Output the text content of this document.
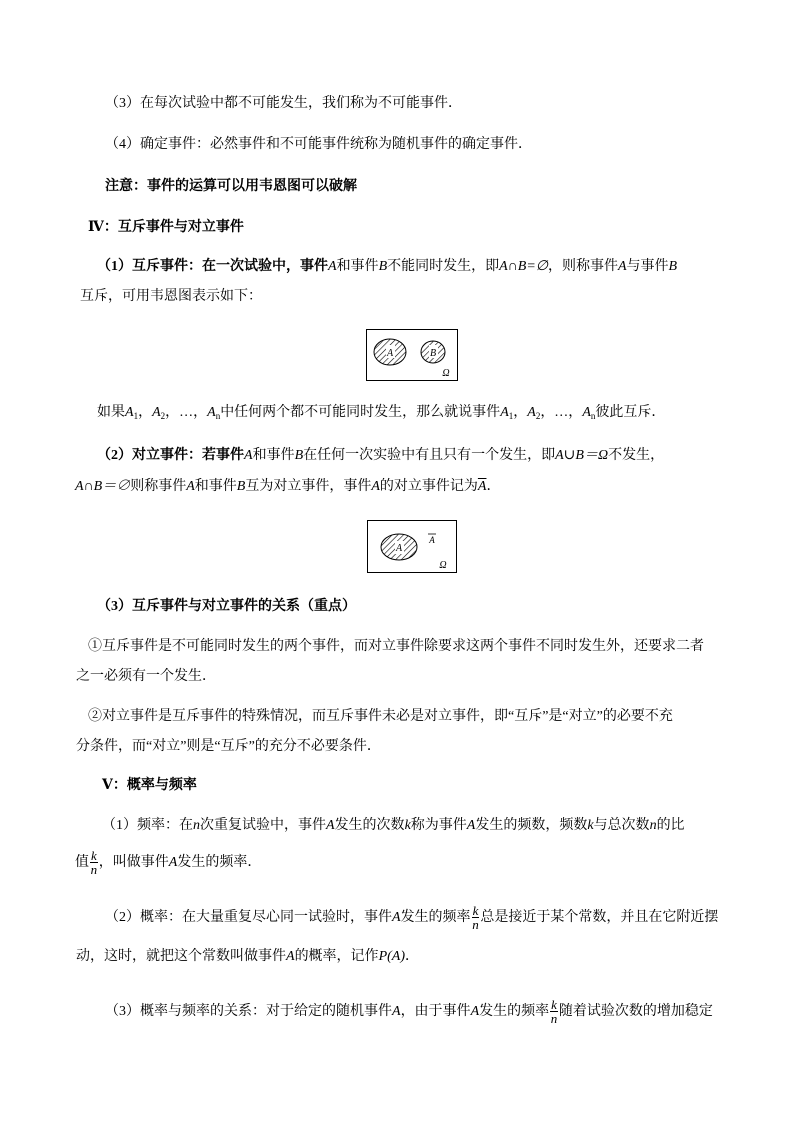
（3）在每次试验中都不可能发生，我们称为不可能事件．
（4）确定事件：必然事件和不可能事件统称为随机事件的确定事件．
注意：事件的运算可以用韦恩图可以破解
Ⅳ：互斥事件与对立事件
（1）互斥事件：在一次试验中，事件A和事件B不能同时发生，即A∩B=∅，则称事件A与事件B
互斥，可用韦恩图表示如下：
A	B
Ω
如果$A_1$，$A_2$，…，$A_n$中任何两个都不可能同时发生，那么就说事件$A_1$，$A_2$，…，$A_n$彼此互斥．
（2）对立事件：若事件A和事件B在任何一次实验中有且只有一个发生，即A∪B＝Ω不发生，
A∩B＝∅则称事件A和事件B互为对立事件，事件A的对立事件记为$\overline{A}$．
A
A
Ω
（3）互斥事件与对立事件的关系（重点）
①互斥事件是不可能同时发生的两个事件，而对立事件除要求这两个事件不同时发生外，还要求二者
之一必须有一个发生．
②对立事件是互斥事件的特殊情况，而互斥事件未必是对立事件，即“互斥”是“对立”的必要不充
分条件，而“对立”则是“互斥”的充分不必要条件．
Ⅴ：概率与频率
（1）频率：在n次重复试验中，事件A发生的次数k称为事件A发生的频数，频数k与总次数n的比
值 $\frac{k}{n}$ ，叫做事件A发生的频率．
（2）概率：在大量重复尽心同一试验时，事件A发生的频率 $\frac{k}{n}$ 总是接近于某个常数，并且在它附近摆
动，这时，就把这个常数叫做事件A的概率，记作P(A)．
（3）概率与频率的关系：对于给定的随机事件A，由于事件A发生的频率 $\frac{k}{n}$ 随着试验次数的增加稳定
